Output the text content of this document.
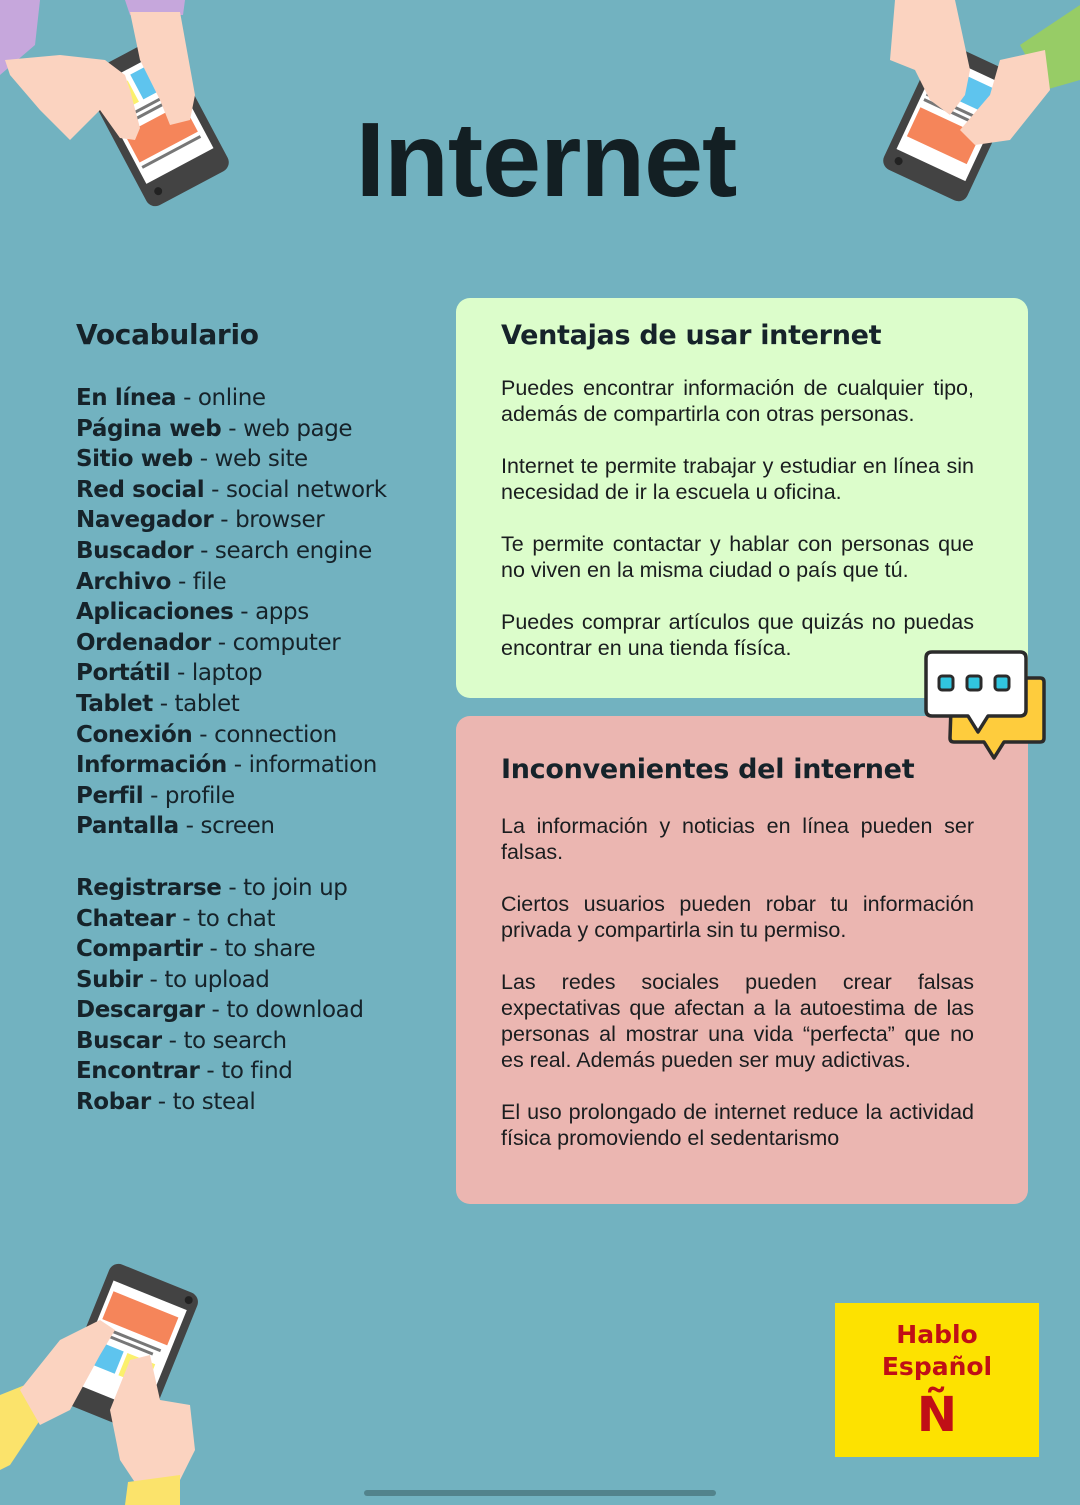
Internet
Vocabulario
En línea - online
Página web - web page
Sitio web - web site
Red social - social network
Navegador - browser
Buscador - search engine
Archivo - file
Aplicaciones - apps
Ordenador - computer
Portátil - laptop
Tablet - tablet
Conexión - connection
Información - information
Perfil - profile
Pantalla - screen
Registrarse - to join up
Chatear - to chat
Compartir - to share
Subir - to upload
Descargar - to download
Buscar - to search
Encontrar - to find
Robar - to steal
Ventajas de usar internet

Puedes encontrar información de cualquier tipo, además de compartirla con otras personas.

Internet te permite trabajar y estudiar en línea sin necesidad de ir la escuela u oficina.

Te permite contactar y hablar con personas que no viven en la misma ciudad o país que tú.

Puedes comprar artículos que quizás no puedas encontrar en una tienda físíca.

Inconvenientes del internet

La información y noticias en línea pueden ser falsas.

Ciertos usuarios pueden robar tu información privada y compartirla sin tu permiso.

Las redes sociales pueden crear falsas expectativas que afectan a la autoestima de las personas al mostrar una vida “perfecta” que no es real. Además pueden ser muy adictivas.

El uso prolongado de internet reduce la actividad física promoviendo el sedentarismo

Hablo
Español
Ñ
